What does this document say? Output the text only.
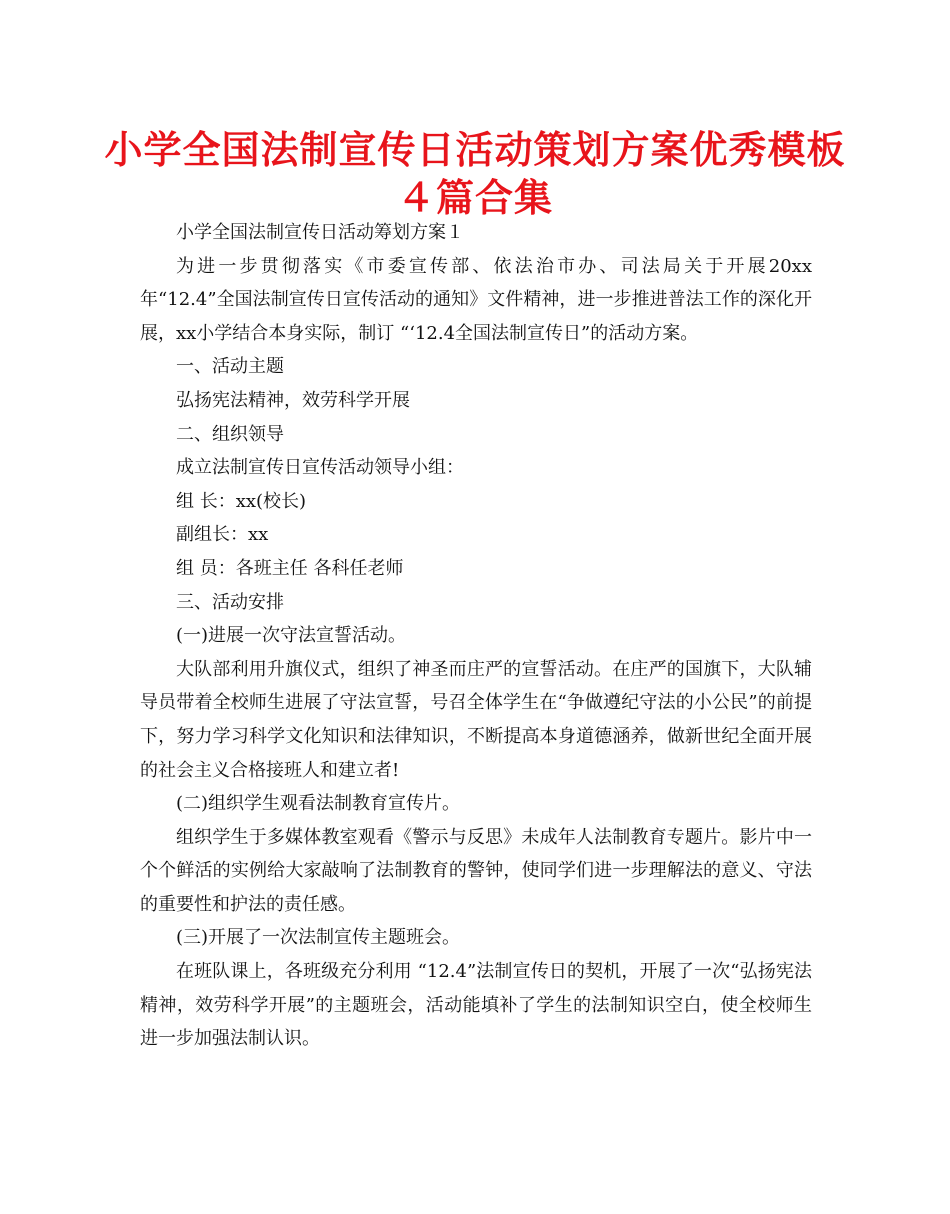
小学全国法制宣传日活动策划方案优秀模板４篇合集

小学全国法制宣传日活动筹划方案１

为进一步贯彻落实《市委宣传部、依法治市办、司法局关于开展20xx年“12.4”全国法制宣传日宣传活动的通知》文件精神，进一步推进普法工作的深化开展，xx小学结合本身实际，制订 “‘12.4全国法制宣传日”的活动方案。

一、活动主题

弘扬宪法精神，效劳科学开展

二、组织领导

成立法制宣传日宣传活动领导小组：

组 长：xx(校长)

副组长：xx

组 员：各班主任 各科任老师

三、活动安排

(一)进展一次守法宣誓活动。

大队部利用升旗仪式，组织了神圣而庄严的宣誓活动。在庄严的国旗下，大队辅导员带着全校师生进展了守法宣誓，号召全体学生在“争做遵纪守法的小公民”的前提下，努力学习科学文化知识和法律知识，不断提高本身道德涵养，做新世纪全面开展的社会主义合格接班人和建立者!

(二)组织学生观看法制教育宣传片。

组织学生于多媒体教室观看《警示与反思》未成年人法制教育专题片。影片中一个个鲜活的实例给大家敲响了法制教育的警钟，使同学们进一步理解法的意义、守法的重要性和护法的责任感。

(三)开展了一次法制宣传主题班会。

在班队课上，各班级充分利用 “12.4”法制宣传日的契机，开展了一次“弘扬宪法精神，效劳科学开展”的主题班会，活动能填补了学生的法制知识空白，使全校师生进一步加强法制认识。
